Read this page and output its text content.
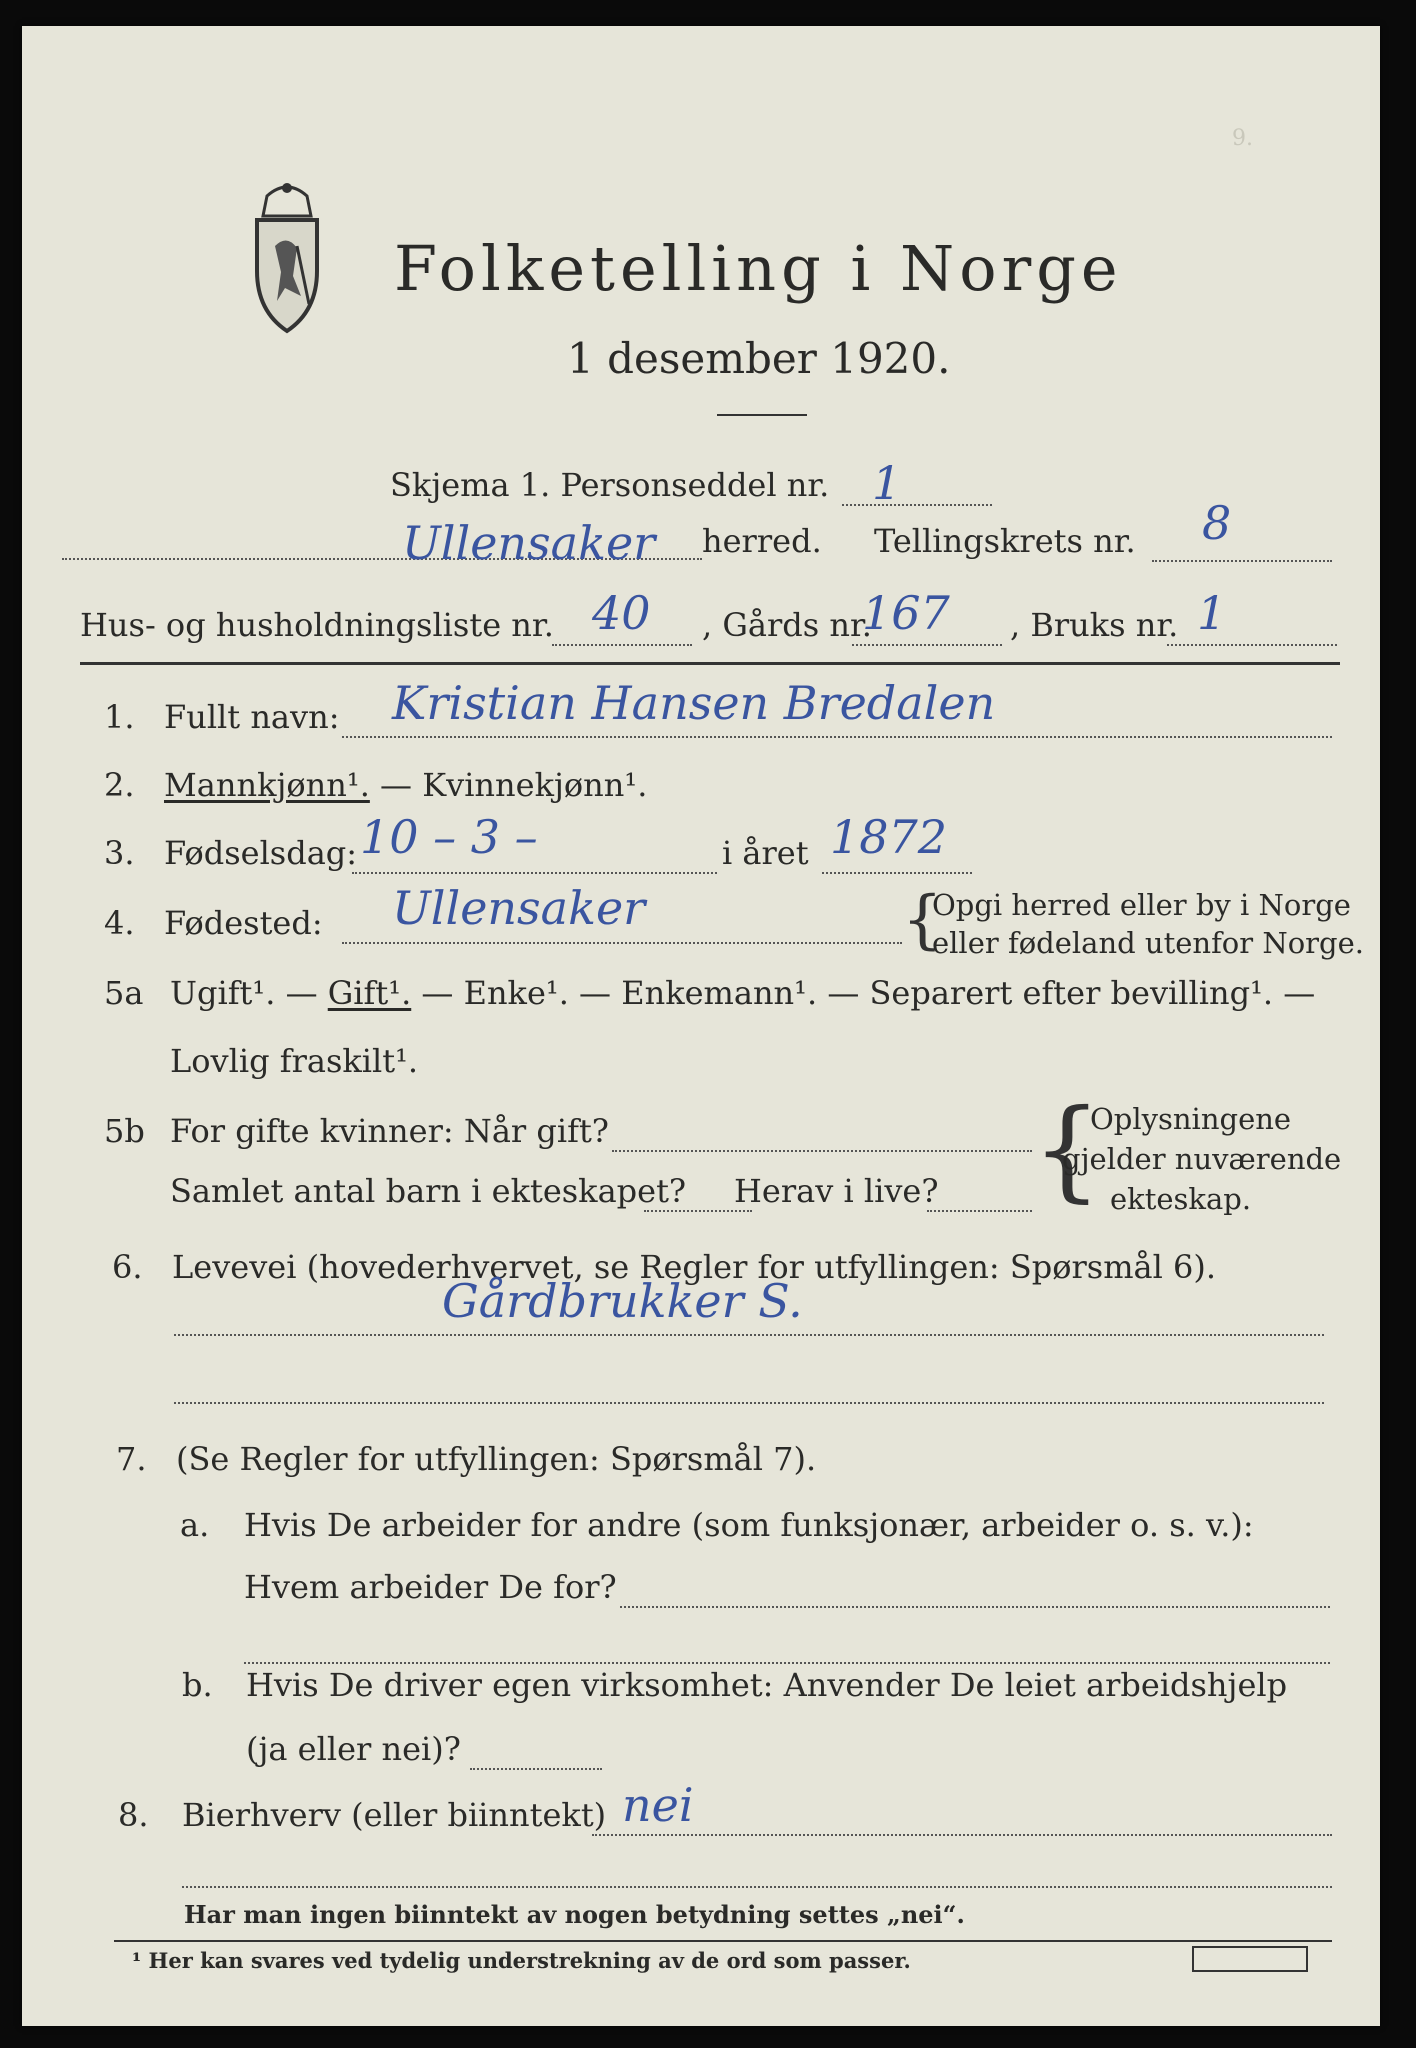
9.
Folketelling i Norge
1 desember 1920.
Skjema 1. Personseddel nr. 1
Ullensaker herred. Tellingskrets nr. 8
Hus- og husholdningsliste nr. 40 , Gårds nr.
167 , Bruks nr. 1
1. Fullt navn: Kristian Hansen Bredalen
2. Mannkjønn¹. — Kvinnekjønn¹.
3. Fødselsdag: 10 – 3 –	i året 1872
4. Fødested: Ullensaker	{
Opgi herred eller by i Norge
eller fødeland utenfor Norge.
5a Ugift¹. — Gift¹. — Enke¹. — Enkemann¹. — Separert efter bevilling¹. —
Lovlig fraskilt¹.
5b For gifte kvinner: Når gift?
Samlet antal barn i ekteskapet? Herav i live? {
Oplysningene
gjelder nuværende
ekteskap.
6. Levevei (hovederhvervet, se Regler for utfyllingen: Spørsmål 6).
Gårdbrukker S.
7. (Se Regler for utfyllingen: Spørsmål 7).
a. Hvis De arbeider for andre (som funksjonær, arbeider o. s. v.):
Hvem arbeider De for?
b. Hvis De driver egen virksomhet: Anvender De leiet arbeidshjelp
(ja eller nei)?
8. Bierhverv (eller biinntekt) nei
Har man ingen biinntekt av nogen betydning settes „nei“.
¹ Her kan svares ved tydelig understrekning av de ord som passer.
